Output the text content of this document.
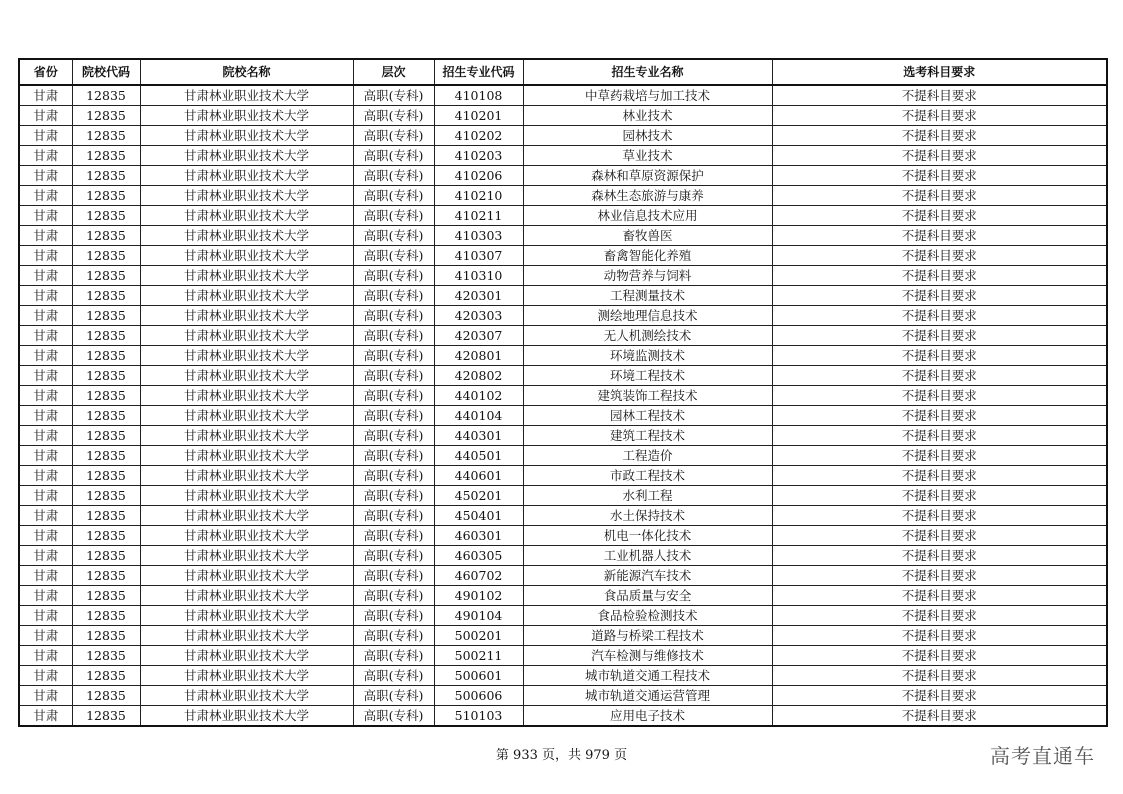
省份	院校代码	院校名称	层次	招生专业代码	招生专业名称	选考科目要求
甘肃	12835	甘肃林业职业技术大学	高职(专科)	410108	中草药栽培与加工技术	不提科目要求
甘肃	12835	甘肃林业职业技术大学	高职(专科)	410201	林业技术	不提科目要求
甘肃	12835	甘肃林业职业技术大学	高职(专科)	410202	园林技术	不提科目要求
甘肃	12835	甘肃林业职业技术大学	高职(专科)	410203	草业技术	不提科目要求
甘肃	12835	甘肃林业职业技术大学	高职(专科)	410206	森林和草原资源保护	不提科目要求
甘肃	12835	甘肃林业职业技术大学	高职(专科)	410210	森林生态旅游与康养	不提科目要求
甘肃	12835	甘肃林业职业技术大学	高职(专科)	410211	林业信息技术应用	不提科目要求
甘肃	12835	甘肃林业职业技术大学	高职(专科)	410303	畜牧兽医	不提科目要求
甘肃	12835	甘肃林业职业技术大学	高职(专科)	410307	畜禽智能化养殖	不提科目要求
甘肃	12835	甘肃林业职业技术大学	高职(专科)	410310	动物营养与饲料	不提科目要求
甘肃	12835	甘肃林业职业技术大学	高职(专科)	420301	工程测量技术	不提科目要求
甘肃	12835	甘肃林业职业技术大学	高职(专科)	420303	测绘地理信息技术	不提科目要求
甘肃	12835	甘肃林业职业技术大学	高职(专科)	420307	无人机测绘技术	不提科目要求
甘肃	12835	甘肃林业职业技术大学	高职(专科)	420801	环境监测技术	不提科目要求
甘肃	12835	甘肃林业职业技术大学	高职(专科)	420802	环境工程技术	不提科目要求
甘肃	12835	甘肃林业职业技术大学	高职(专科)	440102	建筑装饰工程技术	不提科目要求
甘肃	12835	甘肃林业职业技术大学	高职(专科)	440104	园林工程技术	不提科目要求
甘肃	12835	甘肃林业职业技术大学	高职(专科)	440301	建筑工程技术	不提科目要求
甘肃	12835	甘肃林业职业技术大学	高职(专科)	440501	工程造价	不提科目要求
甘肃	12835	甘肃林业职业技术大学	高职(专科)	440601	市政工程技术	不提科目要求
甘肃	12835	甘肃林业职业技术大学	高职(专科)	450201	水利工程	不提科目要求
甘肃	12835	甘肃林业职业技术大学	高职(专科)	450401	水土保持技术	不提科目要求
甘肃	12835	甘肃林业职业技术大学	高职(专科)	460301	机电一体化技术	不提科目要求
甘肃	12835	甘肃林业职业技术大学	高职(专科)	460305	工业机器人技术	不提科目要求
甘肃	12835	甘肃林业职业技术大学	高职(专科)	460702	新能源汽车技术	不提科目要求
甘肃	12835	甘肃林业职业技术大学	高职(专科)	490102	食品质量与安全	不提科目要求
甘肃	12835	甘肃林业职业技术大学	高职(专科)	490104	食品检验检测技术	不提科目要求
甘肃	12835	甘肃林业职业技术大学	高职(专科)	500201	道路与桥梁工程技术	不提科目要求
甘肃	12835	甘肃林业职业技术大学	高职(专科)	500211	汽车检测与维修技术	不提科目要求
甘肃	12835	甘肃林业职业技术大学	高职(专科)	500601	城市轨道交通工程技术	不提科目要求
甘肃	12835	甘肃林业职业技术大学	高职(专科)	500606	城市轨道交通运营管理	不提科目要求
甘肃	12835	甘肃林业职业技术大学	高职(专科)	510103	应用电子技术	不提科目要求
第 933 页，共 979 页	高考直通车
